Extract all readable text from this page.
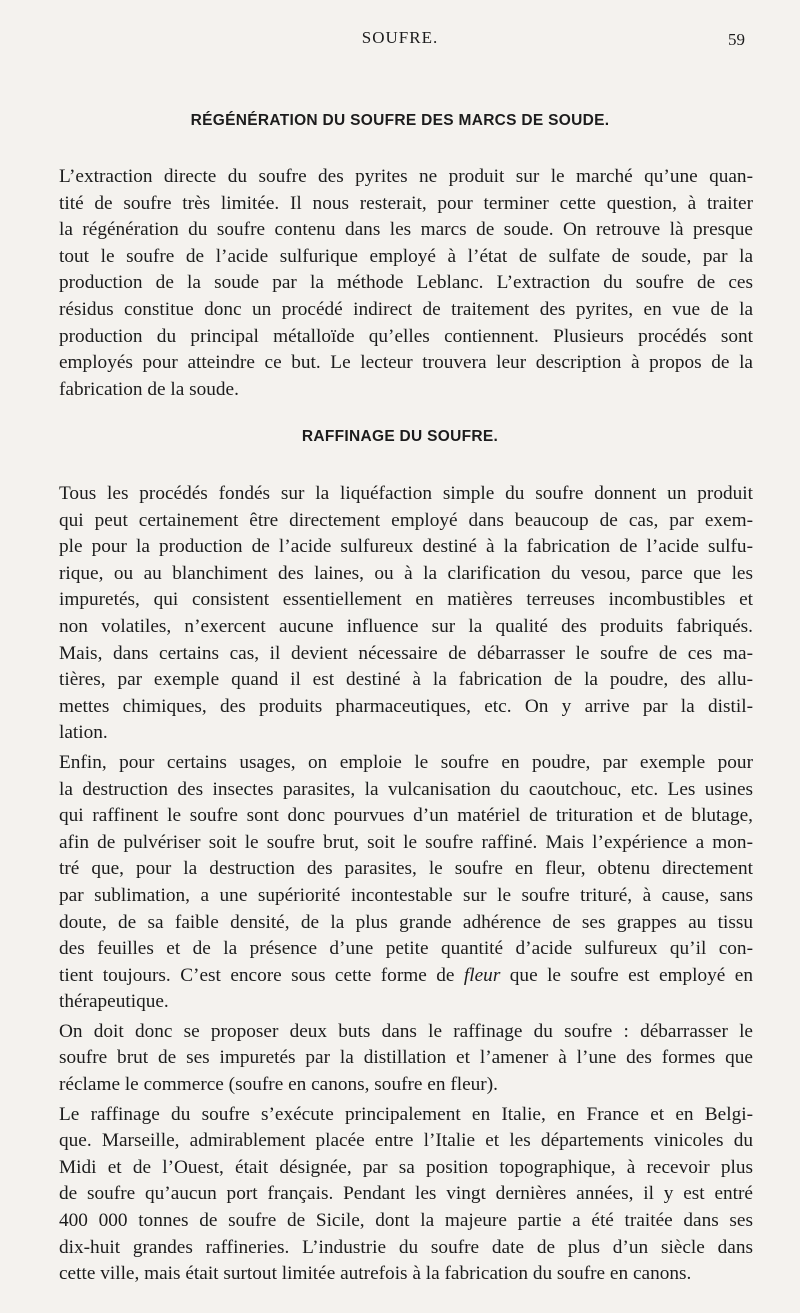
SOUFRE.	59
RÉGÉNÉRATION DU SOUFRE DES MARCS DE SOUDE.
L’extraction directe du soufre des pyrites ne produit sur le marché qu’une quan-
tité de soufre très limitée. Il nous resterait, pour terminer cette question, à traiter
la régénération du soufre contenu dans les marcs de soude. On retrouve là presque
tout le soufre de l’acide sulfurique employé à l’état de sulfate de soude, par la
production de la soude par la méthode Leblanc. L’extraction du soufre de ces
résidus constitue donc un procédé indirect de traitement des pyrites, en vue de la
production du principal métalloïde qu’elles contiennent. Plusieurs procédés sont
employés pour atteindre ce but. Le lecteur trouvera leur description à propos de la
fabrication de la soude.
RAFFINAGE DU SOUFRE.
Tous les procédés fondés sur la liquéfaction simple du soufre donnent un produit
qui peut certainement être directement employé dans beaucoup de cas, par exem-
ple pour la production de l’acide sulfureux destiné à la fabrication de l’acide sulfu-
rique, ou au blanchiment des laines, ou à la clarification du vesou, parce que les
impuretés, qui consistent essentiellement en matières terreuses incombustibles et
non volatiles, n’exercent aucune influence sur la qualité des produits fabriqués.
Mais, dans certains cas, il devient nécessaire de débarrasser le soufre de ces ma-
tières, par exemple quand il est destiné à la fabrication de la poudre, des allu-
mettes chimiques, des produits pharmaceutiques, etc. On y arrive par la distil-
lation.
Enfin, pour certains usages, on emploie le soufre en poudre, par exemple pour
la destruction des insectes parasites, la vulcanisation du caoutchouc, etc. Les usines
qui raffinent le soufre sont donc pourvues d’un matériel de trituration et de blutage,
afin de pulvériser soit le soufre brut, soit le soufre raffiné. Mais l’expérience a mon-
tré que, pour la destruction des parasites, le soufre en fleur, obtenu directement
par sublimation, a une supériorité incontestable sur le soufre trituré, à cause, sans
doute, de sa faible densité, de la plus grande adhérence de ses grappes au tissu
des feuilles et de la présence d’une petite quantité d’acide sulfureux qu’il con-
tient toujours. C’est encore sous cette forme de fleur que le soufre est employé en
thérapeutique.
On doit donc se proposer deux buts dans le raffinage du soufre : débarrasser le
soufre brut de ses impuretés par la distillation et l’amener à l’une des formes que
réclame le commerce (soufre en canons, soufre en fleur).
Le raffinage du soufre s’exécute principalement en Italie, en France et en Belgi-
que. Marseille, admirablement placée entre l’Italie et les départements vinicoles du
Midi et de l’Ouest, était désignée, par sa position topographique, à recevoir plus
de soufre qu’aucun port français. Pendant les vingt dernières années, il y est entré
400 000 tonnes de soufre de Sicile, dont la majeure partie a été traitée dans ses
dix-huit grandes raffineries. L’industrie du soufre date de plus d’un siècle dans
cette ville, mais était surtout limitée autrefois à la fabrication du soufre en canons.
